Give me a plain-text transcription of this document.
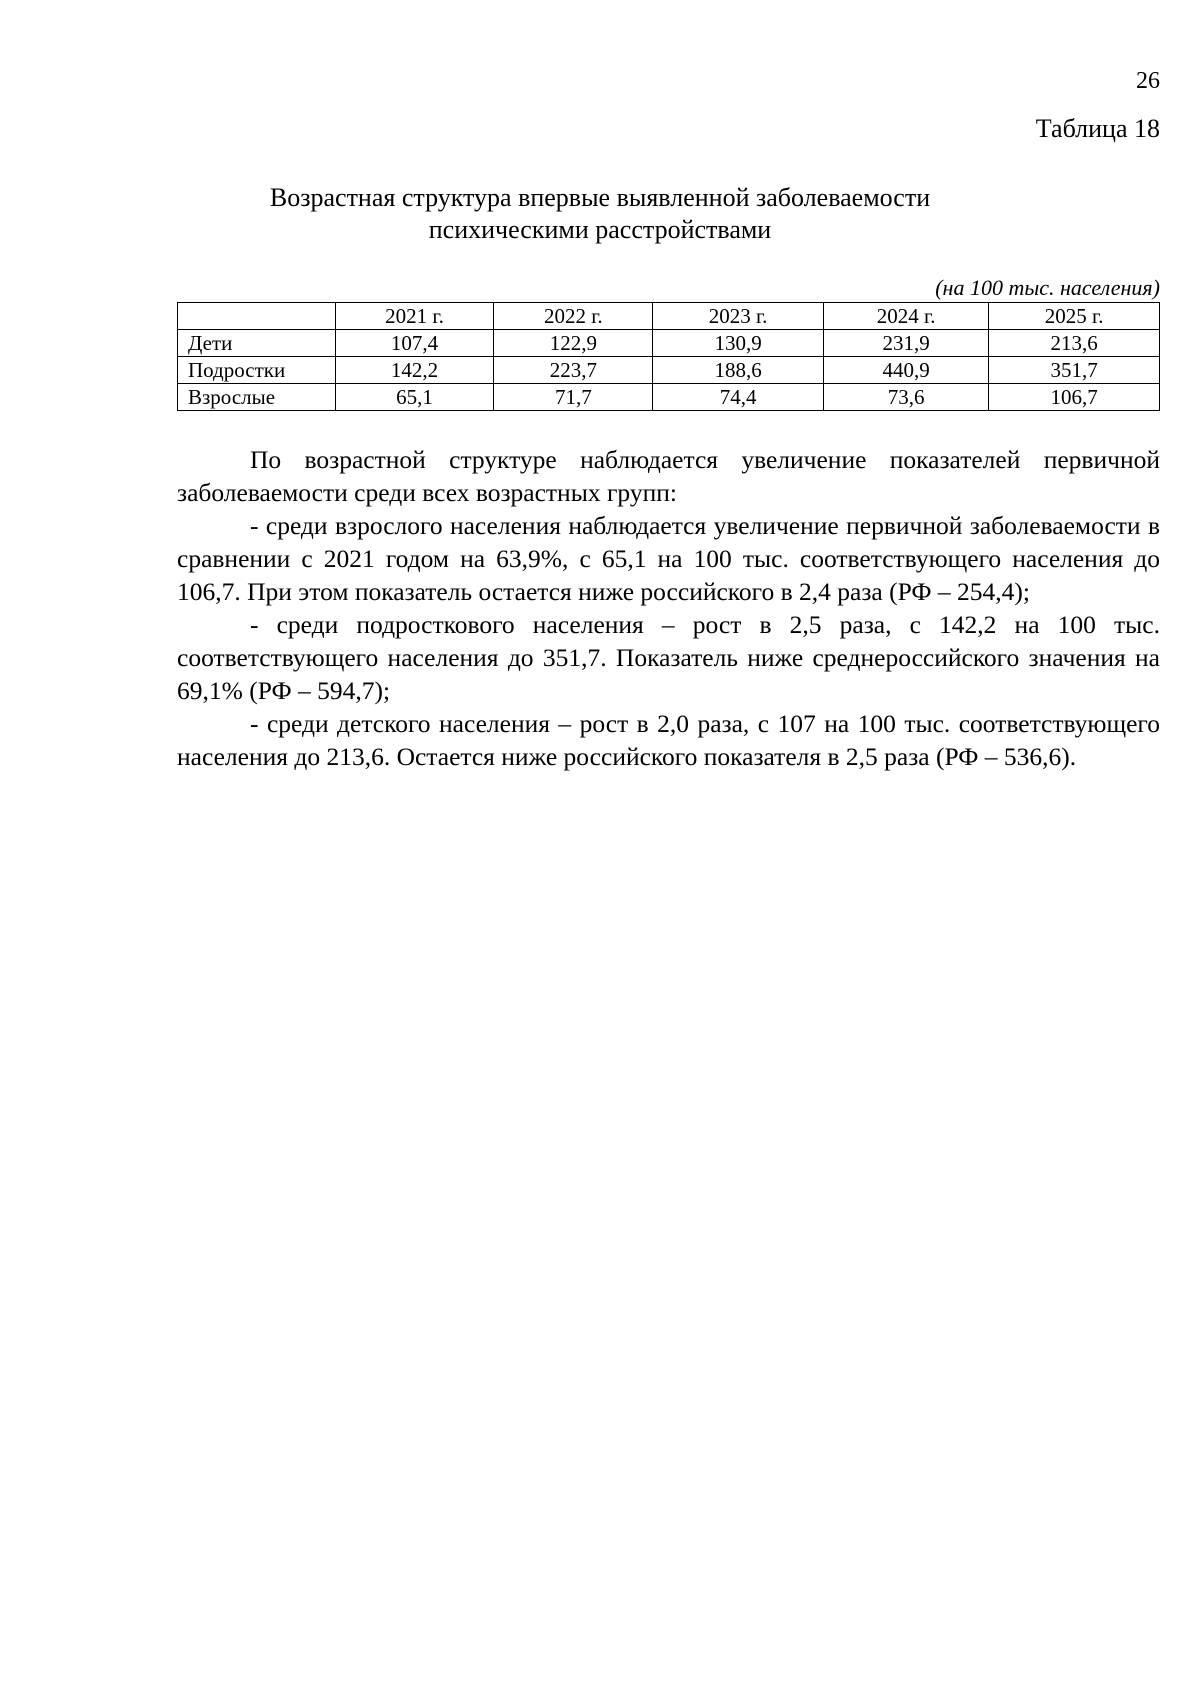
26
Таблица 18
Возрастная структура впервые выявленной заболеваемости
психическими расстройствами
(на 100 тыс. населения)
	2021 г.	2022 г.	2023 г.	2024 г.	2025 г.
Дети	107,4	122,9	130,9	231,9	213,6
Подростки	142,2	223,7	188,6	440,9	351,7
Взрослые	65,1	71,7	74,4	73,6	106,7

По возрастной структуре наблюдается увеличение показателей первичной заболеваемости среди всех возрастных групп:

- среди взрослого населения наблюдается увеличение первичной заболеваемости в сравнении с 2021 годом на 63,9%, с 65,1 на 100 тыс. соответствующего населения до 106,7. При этом показатель остается ниже российского в 2,4 раза (РФ – 254,4);

- среди подросткового населения – рост в 2,5 раза, с 142,2 на 100 тыс. соответствующего населения до 351,7. Показатель ниже среднероссийского значения на 69,1% (РФ – 594,7);

- среди детского населения – рост в 2,0 раза, с 107 на 100 тыс. соответствующего населения до 213,6. Остается ниже российского показателя в 2,5 раза (РФ – 536,6).
